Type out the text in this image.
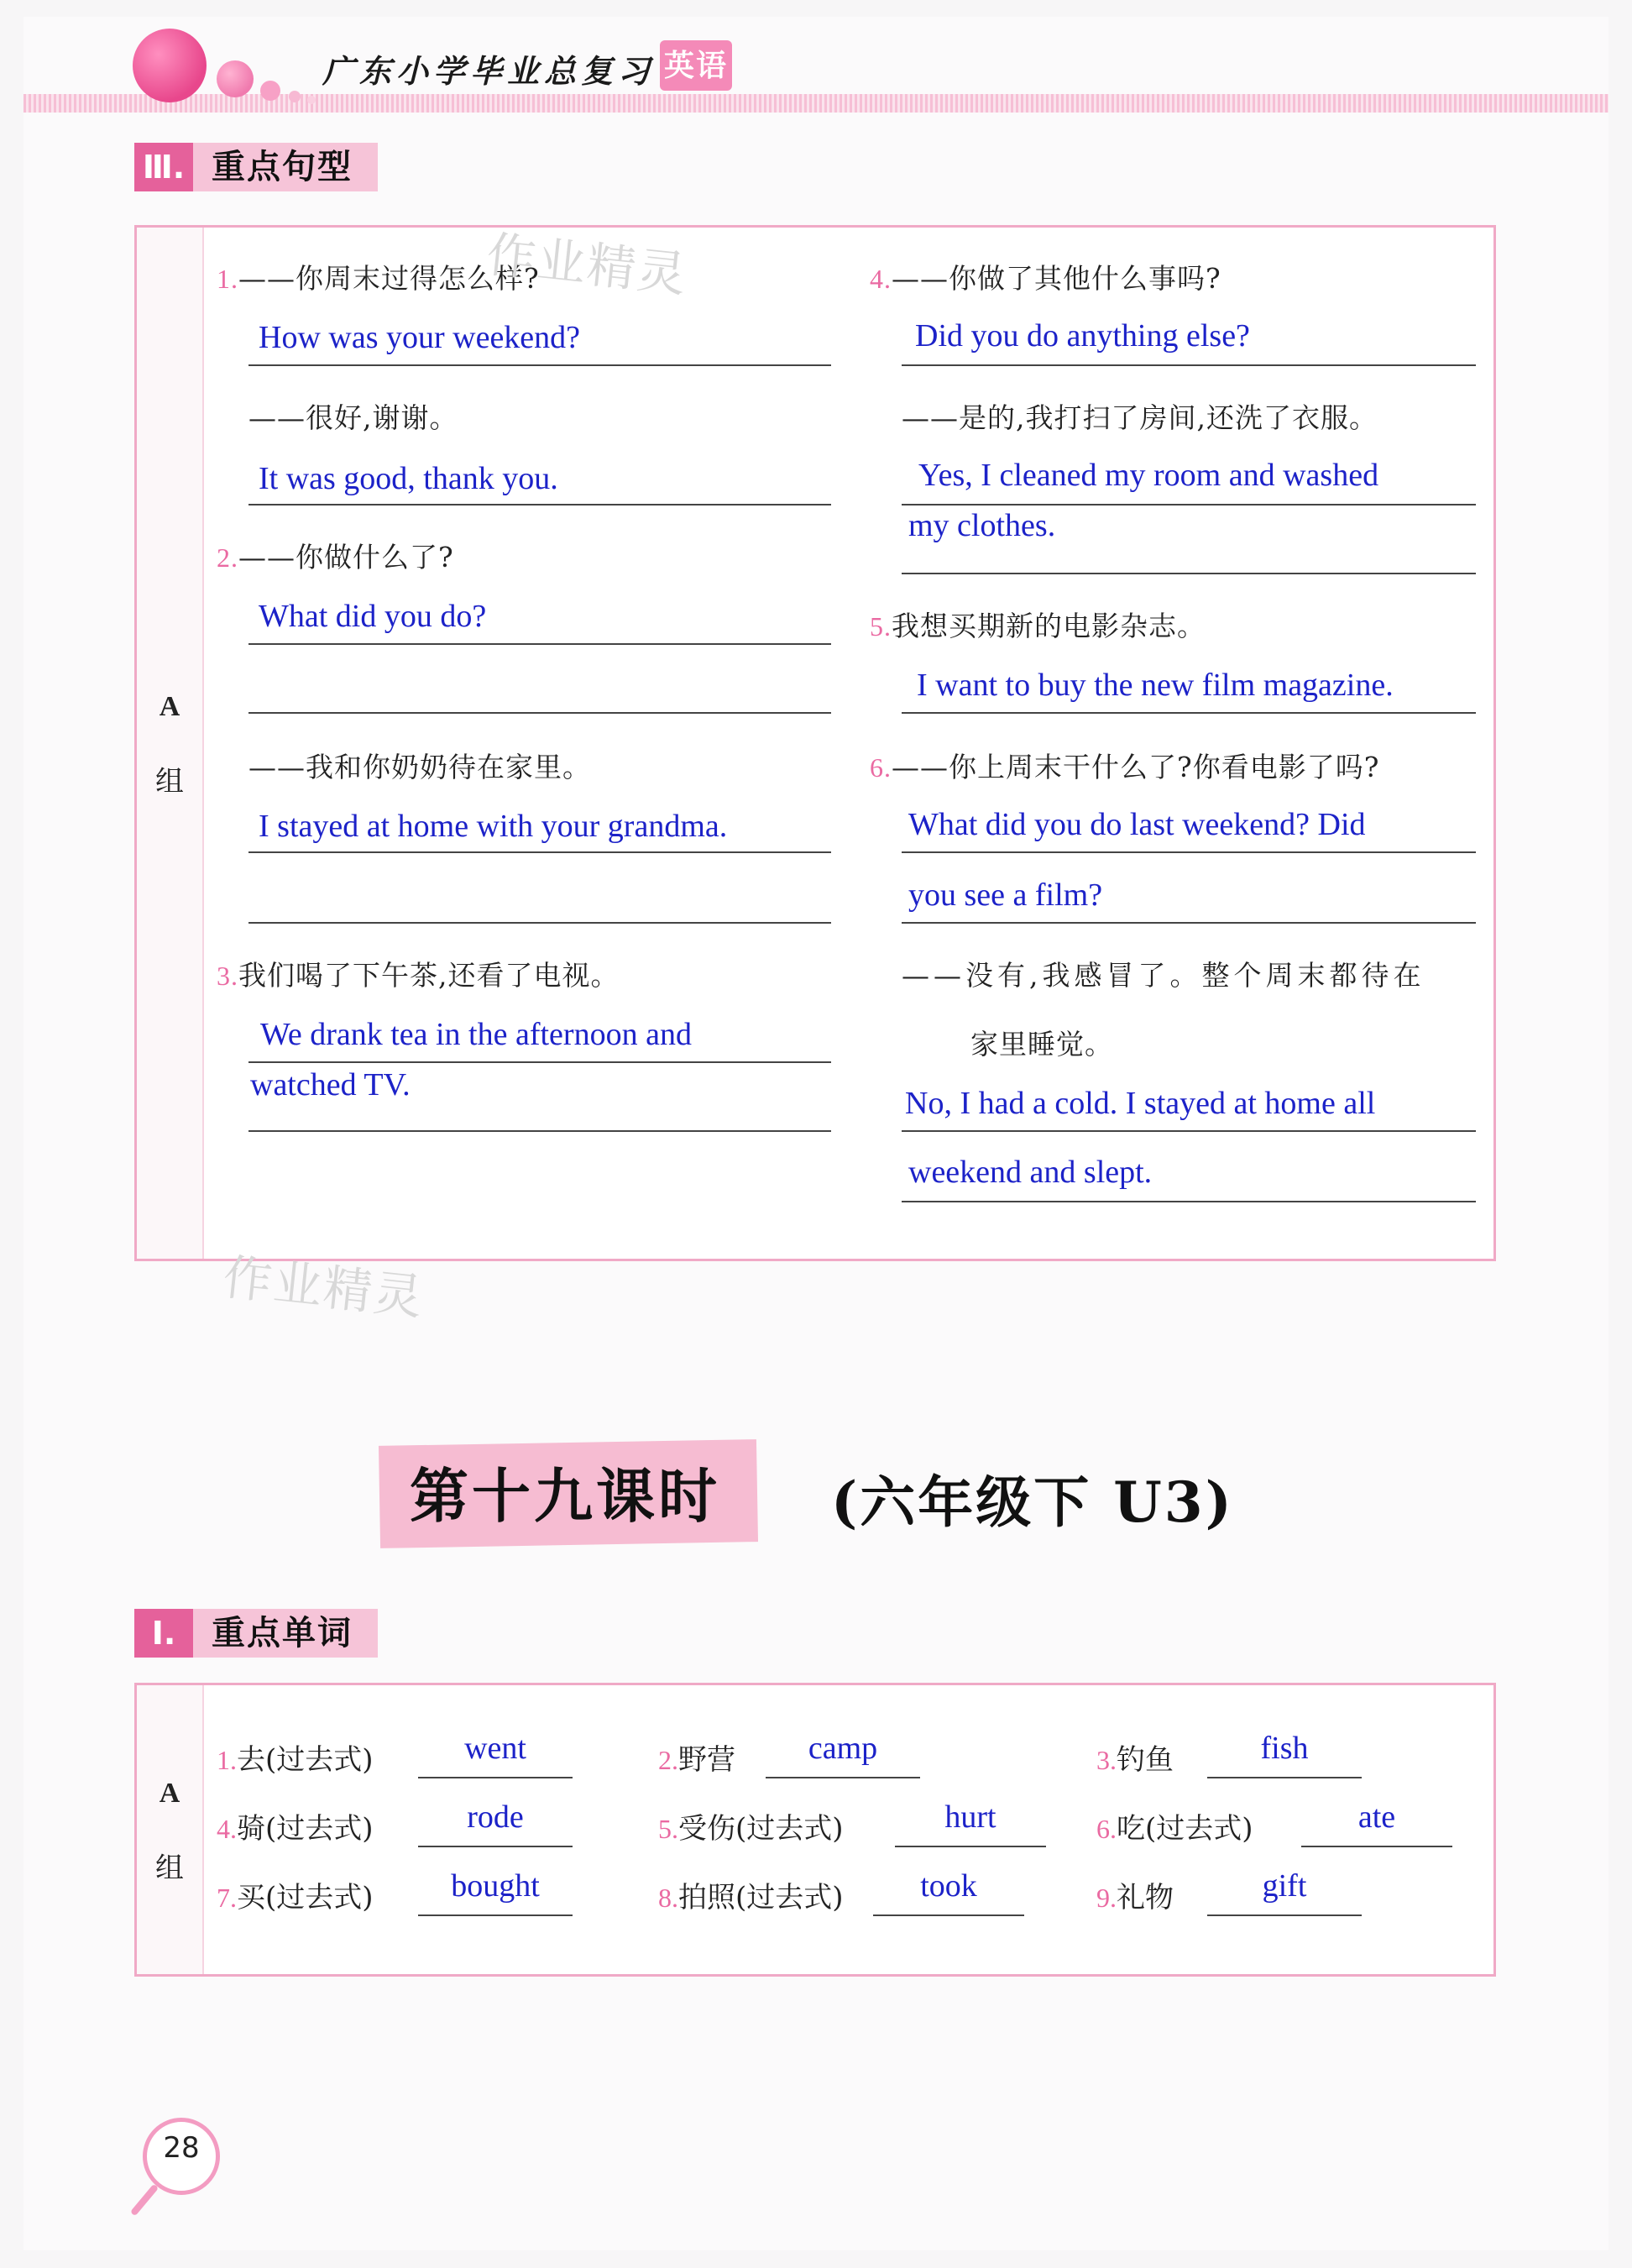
广东小学毕业总复习 英语
Ⅲ. 重点句型
A
组
1.——你周末过得怎么样?
How was your weekend?
——很好,谢谢。
It was good, thank you.
2.——你做什么了?
What did you do?
——我和你奶奶待在家里。
I stayed at home with your grandma.
3.我们喝了下午茶,还看了电视。
We drank tea in the afternoon and
watched TV.
4.——你做了其他什么事吗?
Did you do anything else?
——是的,我打扫了房间,还洗了衣服。
Yes, I cleaned my room and washed
my clothes.
5.我想买期新的电影杂志。
I want to buy the new film magazine.
6.——你上周末干什么了?你看电影了吗?
What did you do last weekend? Did
you see a film?
——没有,我感冒了。整个周末都待在
家里睡觉。
No, I had a cold. I stayed at home all
weekend and slept.
作业精灵
作业精灵
第十九课时 (六年级下 U3)
Ⅰ.	重点单词
A
组
1.去(过去式)	went	2.野营	camp	3.钓鱼	fish
4.骑(过去式)	rode	5.受伤(过去式)	hurt	6.吃(过去式)	ate
7.买(过去式)	bought	8.拍照(过去式)	took	9.礼物	gift
28
